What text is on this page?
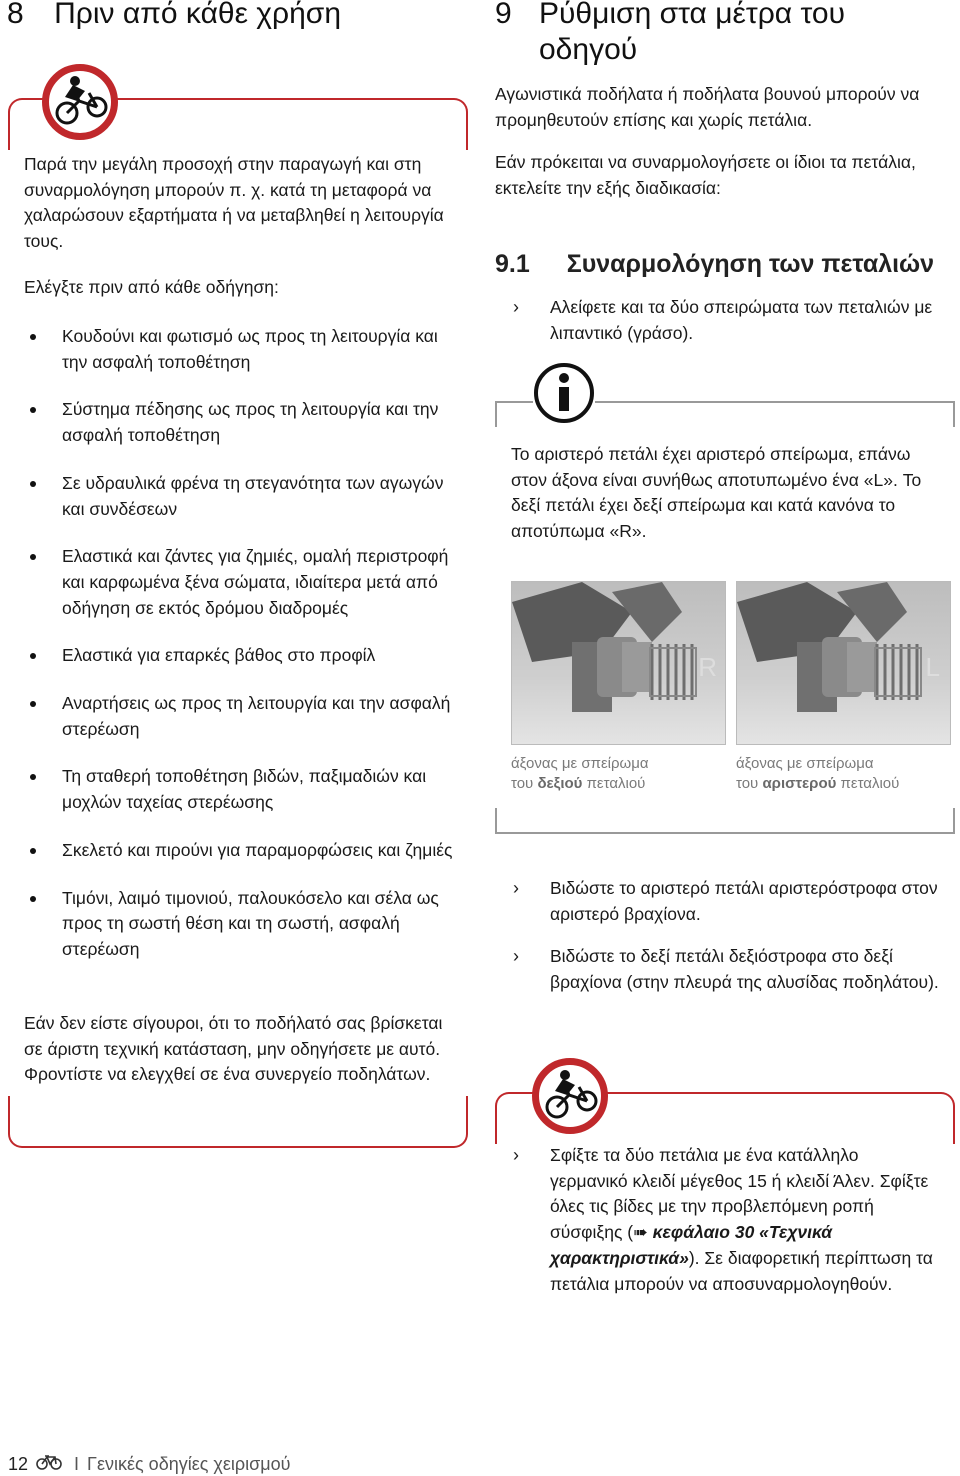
8 Πριν από κάθε χρήση

Παρά την μεγάλη προσοχή στην παραγωγή και στη συναρμολόγηση μπορούν π. χ. κατά τη μεταφορά να χαλαρώσουν εξαρτήματα ή να μεταβληθεί η λειτουργία τους.

Ελέγξτε πριν από κάθε οδήγηση:

Κουδούνι και φωτισμό ως προς τη λειτουργία και την ασφαλή τοποθέτηση
Σύστημα πέδησης ως προς τη λειτουργία και την ασφαλή τοποθέτηση
Σε υδραυλικά φρένα τη στεγανότητα των αγωγών και συνδέσεων
Ελαστικά και ζάντες για ζημιές, ομαλή περιστροφή και καρφωμένα ξένα σώματα, ιδιαίτερα μετά από οδήγηση σε εκτός δρόμου διαδρομές
Ελαστικά για επαρκές βάθος στο προφίλ
Αναρτήσεις ως προς τη λειτουργία και την ασφαλή στερέωση
Τη σταθερή τοποθέτηση βιδών, παξιμαδιών και μοχλών ταχείας στερέωσης
Σκελετό και πιρούνι για παραμορφώσεις και ζημιές
Τιμόνι, λαιμό τιμονιού, παλουκόσελο και σέλα ως προς τη σωστή θέση και τη σωστή, ασφαλή στερέωση

Εάν δεν είστε σίγουροι, ότι το ποδήλατό σας βρίσκεται σε άριστη τεχνική κατάσταση, μην οδηγήσετε με αυτό. Φροντίστε να ελεγχθεί σε ένα συνεργείο ποδηλάτων.

9 Ρύθμιση στα μέτρα του οδηγού

Αγωνιστικά ποδήλατα ή ποδήλατα βουνού μπορούν να προμηθευτούν επίσης και χωρίς πετάλια.

Εάν πρόκειται να συναρμολογήσετε οι ίδιοι τα πετάλια, εκτελείτε την εξής διαδικασία:

9.1 Συναρμολόγηση των πεταλιών
› Αλείφετε και τα δύο σπειρώματα των πεταλιών με λιπαντικό (γράσο).

Το αριστερό πετάλι έχει αριστερό σπείρωμα, επάνω στον άξονα είναι συνήθως αποτυπωμένο ένα «L». Το δεξί πετάλι έχει δεξί σπείρωμα και κατά κανόνα το αποτύπωμα «R».

R	L
άξονας με σπείρωμα
του δεξιού πεταλιού
άξονας με σπείρωμα
του αριστερού πεταλιού
› Βιδώστε το αριστερό πετάλι αριστερόστροφα στον αριστερό βραχίονα.
› Βιδώστε το δεξί πετάλι δεξιόστροφα στο δεξί βραχίονα (στην πλευρά της αλυσίδας ποδηλάτου).
› Σφίξτε τα δύο πετάλια με ένα κατάλληλο γερμανικό κλειδί μέγεθος 15 ή κλειδί Άλεν. Σφίξτε όλες τις βίδες με την προβλεπόμενη ροπή σύσφιξης (➠ κεφάλαιο 30 «Τεχνικά χαρακτηριστικά»). Σε διαφορετική περίπτωση τα πετάλια μπορούν να αποσυναρμολογηθούν.
12	I Γενικές οδηγίες χειρισμού
